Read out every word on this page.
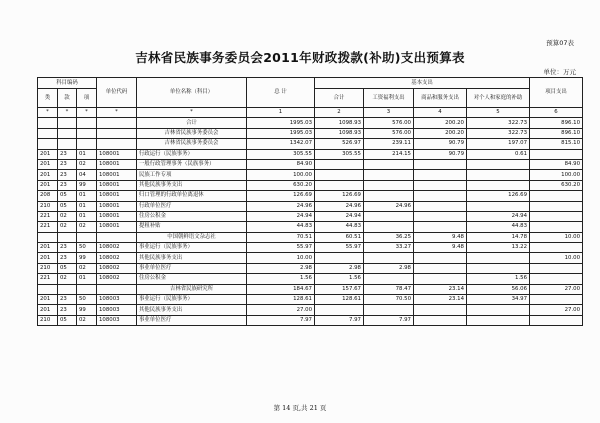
预算07表
吉林省民族事务委员会2011年财政拨款(补助)支出预算表
单位：万元
科目编码			单位代码	单位名称（科目）	总 计	基本支出				项目支出
类	款	项				合计	工资福利支出	商品和服务支出	对个人和家庭的补助	
*	*	*	*	*	1	2	3	4	5	6
				合计	1995.03	1098.93	576.00	200.20	322.73	896.10
				吉林省民族事务委员会	1995.03	1098.93	576.00	200.20	322.73	896.10
				吉林省民族事务委员会	1342.07	526.97	239.11	90.79	197.07	815.10
201	23	01	108001	行政运行（民族事务）	305.55	305.55	214.15	90.79	0.61	
201	23	02	108001	一般行政管理事务（民族事务）	84.90					84.90
201	23	04	108001	民族工作专项	100.00					100.00
201	23	99	108001	其他民族事务支出	630.20					630.20
208	05	01	108001	归口管理的行政单位离退休	126.69	126.69			126.69	
210	05	01	108001	行政单位医疗	24.96	24.96	24.96			
221	02	01	108001	住房公积金	24.94	24.94			24.94	
221	02	02	108001	提租补贴	44.83	44.83			44.83	
				中国朝鲜语文杂志社	70.51	60.51	36.25	9.48	14.78	10.00
201	23	50	108002	事业运行（民族事务）	55.97	55.97	33.27	9.48	13.22	
201	23	99	108002	其他民族事务支出	10.00					10.00
210	05	02	108002	事业单位医疗	2.98	2.98	2.98			
221	02	01	108002	住房公积金	1.56	1.56			1.56	
				吉林省民族研究所	184.67	157.67	78.47	23.14	56.06	27.00
201	23	50	108003	事业运行（民族事务）	128.61	128.61	70.50	23.14	34.97	
201	23	99	108003	其他民族事务支出	27.00					27.00
210	05	02	108003	事业单位医疗	7.97	7.97	7.97			
第 14 页,共 21 页
